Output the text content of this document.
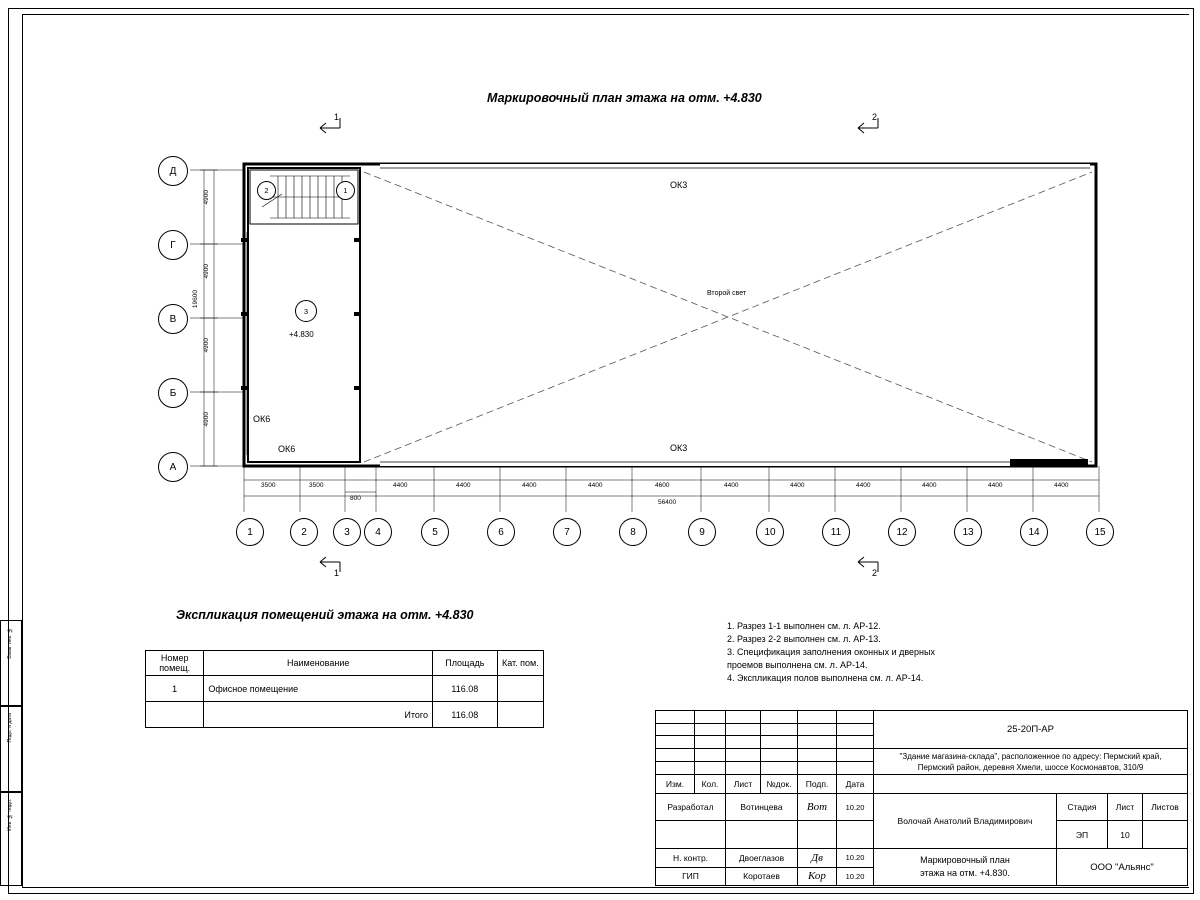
Взам. инв. №
Подп. и дата
Инв. № подл.
Маркировочный план этажа на отм. +4.830
Д
Г
В
Б
А
4900
4900
4900
4900
19600
1	2	3	4	5	6	7	8	9	10	11	12	13	14	15
3500	3500	4400	4400	4400	4400	4600	4400	4400	4400	4400	4400	4400
800
56400
3
+4.830
2	1
Второй свет
ОК3
ОК3
ОК6
ОК6
1	2
1	2
Экспликация помещений этажа на отм. +4.830
Номер помещ.	Наименование	Площадь	Кат. пом.
1	Офисное помещение	116.08	
	Итого	116.08	
1. Разрез 1-1 выполнен см. л. АР-12.
2. Разрез 2-2 выполнен см. л. АР-13.
3. Спецификация заполнения оконных и дверных
проемов выполнена см. л. АР-14.
4. Экспликация полов выполнена см. л. АР-14.
						25-20П-АР			

						"Здание магазина-склада", расположенное по адресу: Пермский край,
Пермский район, деревня Хмели, шоссе Космонавтов, 310/9			

Изм.	Кол.	Лист	№док.	Подп.	Дата				
Разработал		Вотинцева		Вот	10.20	Волочай Анатолий Владимирович	Стадия	Лист	Листов
							ЭП	10	
Н. контр.		Двоеглазов		Дв	10.20	Маркировочный план
этажа на отм. +4.830.	ООО "Альянс"		
ГИП		Коротаев		Кор	10.20				
